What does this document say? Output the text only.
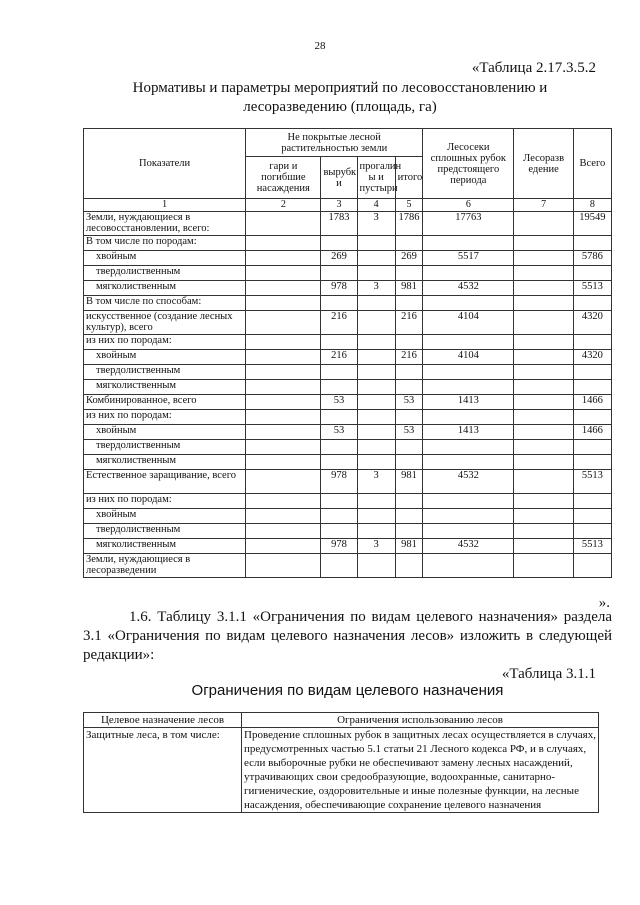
28
«Таблица 2.17.3.5.2
Нормативы и параметры мероприятий по лесовосстановлению и лесоразведению (площадь, га)
Показатели	Не покрытые лесной растительностью земли				Лесосеки сплошных рубок предстоящего периода	Лесоразв едение	Всего
	гари и погибшие насаждения	вырубк и	прогалин ы и пустыри	итого			
1	2	3	4	5	6	7	8
Земли, нуждающиеся в лесовосстановлении, всего:		1783	3	1786	17763		19549
В том числе по породам:							
хвойным		269		269	5517		5786
твердолиственным							
мягколиственным		978	3	981	4532		5513
В том числе по способам:							
искусственное (создание лесных культур), всего		216		216	4104		4320
из них по породам:							
хвойным		216		216	4104		4320
твердолиственным							
мягколиственным							
Комбинированное, всего		53		53	1413		1466
из них по породам:							
хвойным		53		53	1413		1466
твердолиственным							
мягколиственным							
Естественное заращивание, всего		978	3	981	4532		5513
из них по породам:							
хвойным							
твердолиственным							
мягколиственным		978	3	981	4532		5513
Земли, нуждающиеся в лесоразведении							
».
1.6. Таблицу 3.1.1 «Ограничения по видам целевого назначения» раздела 3.1 «Ограничения по видам целевого назначения лесов» изложить в следующей редакции»:
«Таблица 3.1.1
Ограничения по видам целевого назначения
Целевое назначение лесов	Ограничения использованию лесов
Защитные леса, в том числе:	Проведение сплошных рубок в защитных лесах осуществляется в случаях, предусмотренных частью 5.1 статьи 21 Лесного кодекса РФ, и в случаях, если выборочные рубки не обеспечивают замену лесных насаждений, утрачивающих свои средообразующие, водоохранные, санитарно-гигиенические, оздоровительные и иные полезные функции, на лесные насаждения, обеспечивающие сохранение целевого назначения
